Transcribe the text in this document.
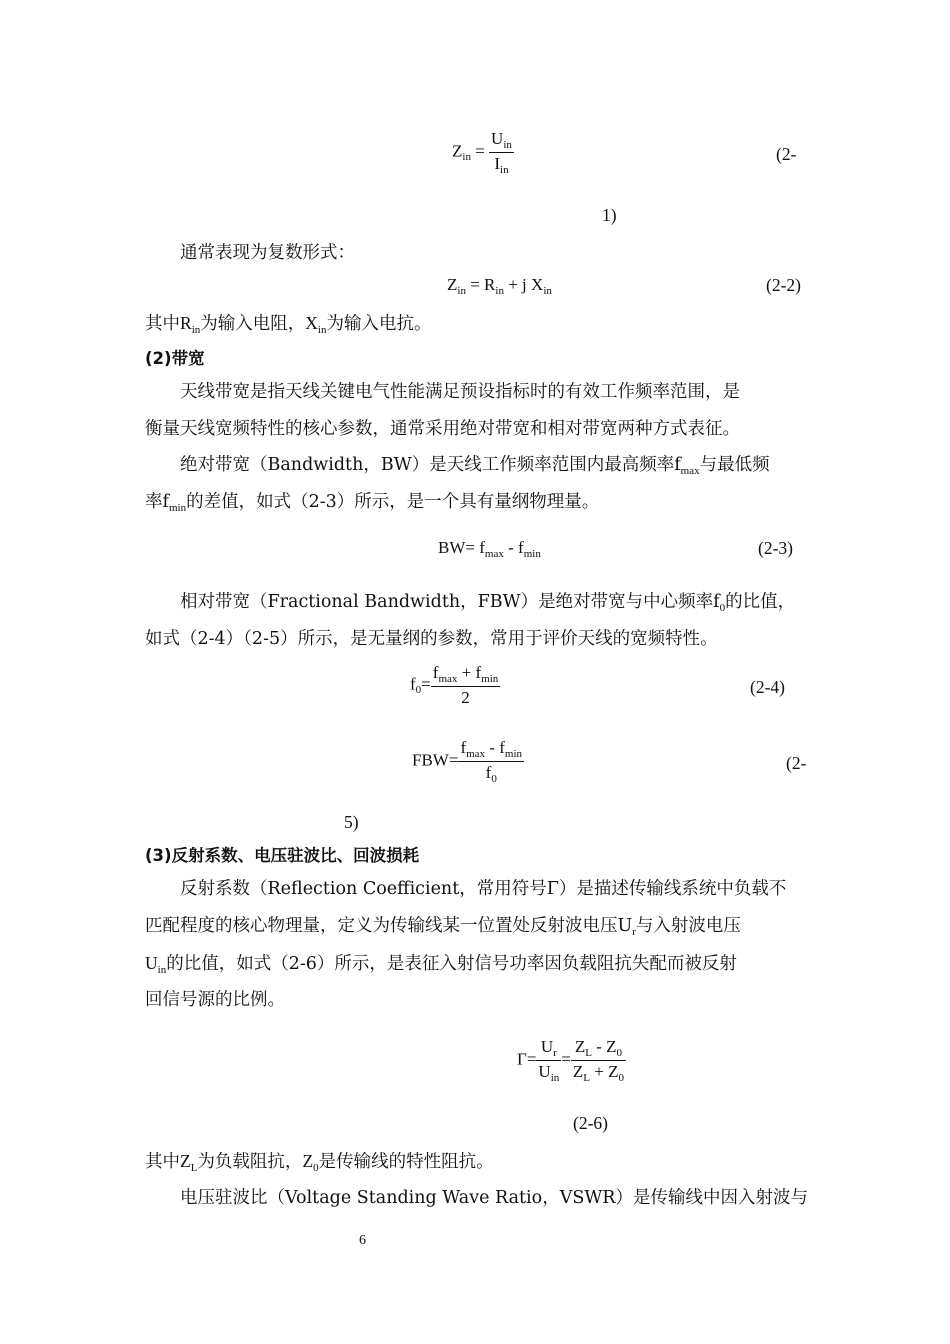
$Z_{in} = \frac{U_{in}}{I_{in}}$	(2-
1)
通常表现为复数形式：
$Z_{in} = R_{in} + j$ $X_{in}$	(2-2)
其中$R_{in}$为输入电阻，$X_{in}$为输入电抗。
(2)带宽
天线带宽是指天线关键电气性能满足预设指标时的有效工作频率范围，是
衡量天线宽频特性的核心参数，通常采用绝对带宽和相对带宽两种方式表征。
绝对带宽（Bandwidth，BW）是天线工作频率范围内最高频率$f_{max}$与最低频
率$f_{min}$的差值，如式（2-3）所示，是一个具有量纲物理量。
$BW= f_{max} - f_{min}$	(2-3)
相对带宽（Fractional Bandwidth，FBW）是绝对带宽与中心频率$f_0$的比值，
如式（2-4）（2-5）所示，是无量纲的参数，常用于评价天线的宽频特性。
$f_0= \frac{f_{max} + f_{min}}{2}$	(2-4)
$FBW= \frac{f_{max} - f_{min}}{f_0}$	(2-
5)
(3)反射系数、电压驻波比、回波损耗
反射系数（Reflection Coefficient，常用符号Γ）是描述传输线系统中负载不
匹配程度的核心物理量，定义为传输线某一位置处反射波电压$U_r$与入射波电压
$U_{in}$的比值，如式（2-6）所示，是表征入射信号功率因负载阻抗失配而被反射
回信号源的比例。
$\Gamma= \frac{U_r}{U_{in}} = \frac{Z_L - Z_0}{Z_L + Z_0}$
(2-6)
其中$Z_L$为负载阻抗，$Z_0$是传输线的特性阻抗。
电压驻波比（Voltage Standing Wave Ratio，VSWR）是传输线中因入射波与
6
